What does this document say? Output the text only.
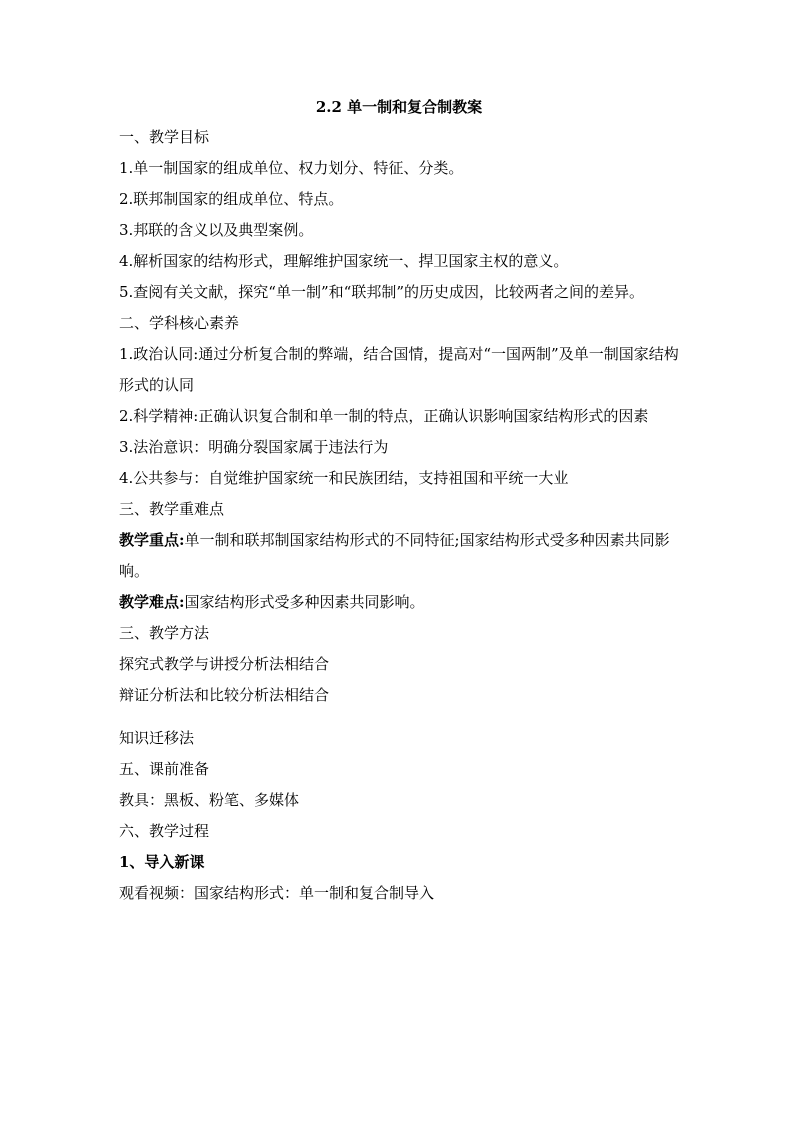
2.2 单一制和复合制教案

一、教学目标

1.单一制国家的组成单位、权力划分、特征、分类。

2.联邦制国家的组成单位、特点。

3.邦联的含义以及典型案例。

4.解析国家的结构形式，理解维护国家统一、捍卫国家主权的意义。

5.查阅有关文献，探究“单一制”和“联邦制”的历史成因，比较两者之间的差异。

二、学科核心素养

1.政治认同:通过分析复合制的弊端，结合国情，提高对“一国两制”及单一制国家结构形式的认同

2.科学精神:正确认识复合制和单一制的特点，正确认识影响国家结构形式的因素

3.法治意识：明确分裂国家属于违法行为

4.公共参与：自觉维护国家统一和民族团结，支持祖国和平统一大业

三、教学重难点

教学重点:单一制和联邦制国家结构形式的不同特征;国家结构形式受多种因素共同影响。

教学难点:国家结构形式受多种因素共同影响。

三、教学方法

探究式教学与讲授分析法相结合

辩证分析法和比较分析法相结合

知识迁移法

五、课前准备

教具：黑板、粉笔、多媒体

六、教学过程

1、导入新课

观看视频：国家结构形式：单一制和复合制导入
